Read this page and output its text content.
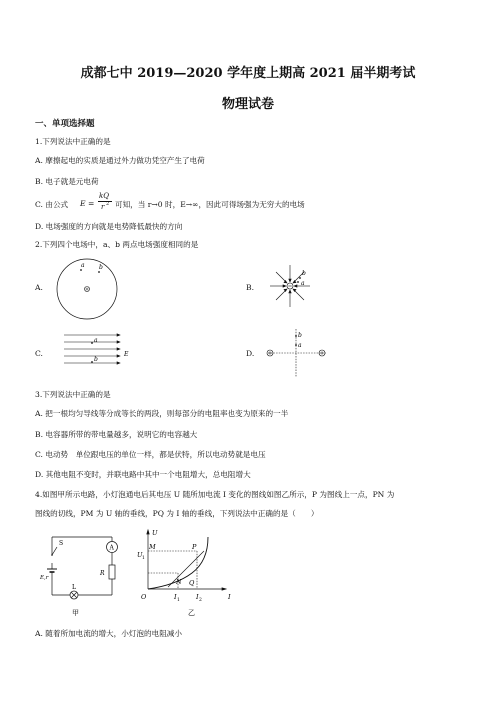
成都七中 2019—2020 学年度上期高 2021 届半期考试
物理试卷
一、单项选择题
1.下列说法中正确的是
A. 摩擦起电的实质是通过外力做功凭空产生了电荷
B. 电子就是元电荷
C. 由公式 E =
kQ
r 2 可知，当 r→0 时，E→∞，因此可得场强为无穷大的电场
D. 电场强度的方向就是电势降低最快的方向
2.下列四个电场中，a、b 两点电场强度相同的是
A.	B.
C.	D.
a b
b
a
a
b
E
b
a
3.下列说法中正确的是
A. 把一根均匀导线等分成等长的两段，则每部分的电阻率也变为原来的一半
B. 电容器所带的带电量越多，说明它的电容越大
C. 电动势　单位跟电压的单位一样，都是伏特，所以电动势就是电压
D. 其他电阻不变时，并联电路中其中一个电阻增大，总电阻增大
4.如图甲所示电路，小灯泡通电后其电压 U 随所加电流 I 变化的图线如图乙所示，P 为图线上一点，PN 为
图线的切线，PM 为 U 轴的垂线，PQ 为 I 轴的垂线，下列说法中正确的是（　　）
S
A
E,r
R
L
甲
U
I
O
M	P
N Q
U 1
I 1 I 2
乙
A. 随着所加电流的增大，小灯泡的电阻减小
